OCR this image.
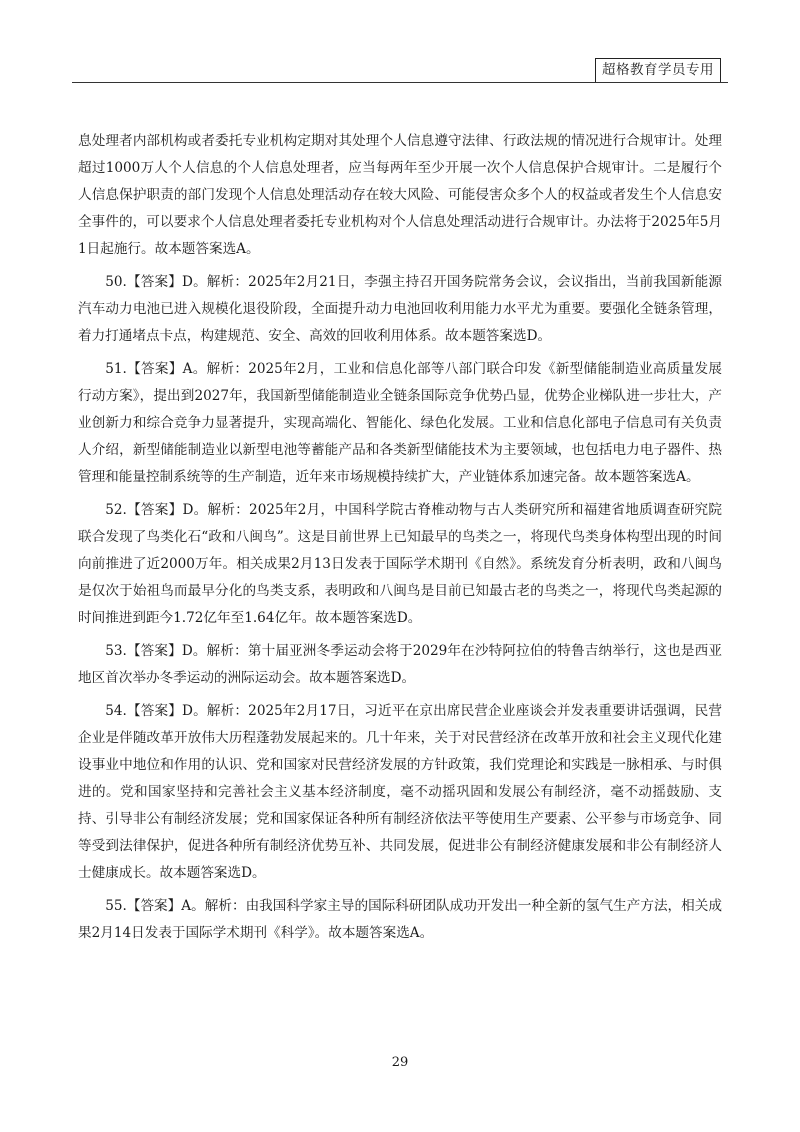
超格教育学员专用

息处理者内部机构或者委托专业机构定期对其处理个人信息遵守法律、行政法规的情况进行合规审计。处理超过1000万人个人信息的个人信息处理者，应当每两年至少开展一次个人信息保护合规审计。二是履行个人信息保护职责的部门发现个人信息处理活动存在较大风险、可能侵害众多个人的权益或者发生个人信息安全事件的，可以要求个人信息处理者委托专业机构对个人信息处理活动进行合规审计。办法将于2025年5月1日起施行。故本题答案选A。

50.【答案】D。解析：2025年2月21日，李强主持召开国务院常务会议，会议指出，当前我国新能源汽车动力电池已进入规模化退役阶段，全面提升动力电池回收利用能力水平尤为重要。要强化全链条管理，着力打通堵点卡点，构建规范、安全、高效的回收利用体系。故本题答案选D。

51.【答案】A。解析：2025年2月，工业和信息化部等八部门联合印发《新型储能制造业高质量发展行动方案》，提出到2027年，我国新型储能制造业全链条国际竞争优势凸显，优势企业梯队进一步壮大，产业创新力和综合竞争力显著提升，实现高端化、智能化、绿色化发展。工业和信息化部电子信息司有关负责人介绍，新型储能制造业以新型电池等蓄能产品和各类新型储能技术为主要领域，也包括电力电子器件、热管理和能量控制系统等的生产制造，近年来市场规模持续扩大，产业链体系加速完备。故本题答案选A。

52.【答案】D。解析：2025年2月，中国科学院古脊椎动物与古人类研究所和福建省地质调查研究院联合发现了鸟类化石“政和八闽鸟”。这是目前世界上已知最早的鸟类之一，将现代鸟类身体构型出现的时间向前推进了近2000万年。相关成果2月13日发表于国际学术期刊《自然》。系统发育分析表明，政和八闽鸟是仅次于始祖鸟而最早分化的鸟类支系，表明政和八闽鸟是目前已知最古老的鸟类之一，将现代鸟类起源的时间推进到距今1.72亿年至1.64亿年。故本题答案选D。

53.【答案】D。解析：第十届亚洲冬季运动会将于2029年在沙特阿拉伯的特鲁吉纳举行，这也是西亚地区首次举办冬季运动的洲际运动会。故本题答案选D。

54.【答案】D。解析：2025年2月17日，习近平在京出席民营企业座谈会并发表重要讲话强调，民营企业是伴随改革开放伟大历程蓬勃发展起来的。几十年来，关于对民营经济在改革开放和社会主义现代化建设事业中地位和作用的认识、党和国家对民营经济发展的方针政策，我们党理论和实践是一脉相承、与时俱进的。党和国家坚持和完善社会主义基本经济制度，毫不动摇巩固和发展公有制经济，毫不动摇鼓励、支持、引导非公有制经济发展；党和国家保证各种所有制经济依法平等使用生产要素、公平参与市场竞争、同等受到法律保护，促进各种所有制经济优势互补、共同发展，促进非公有制经济健康发展和非公有制经济人士健康成长。故本题答案选D。

55.【答案】A。解析：由我国科学家主导的国际科研团队成功开发出一种全新的氢气生产方法，相关成果2月14日发表于国际学术期刊《科学》。故本题答案选A。

29
